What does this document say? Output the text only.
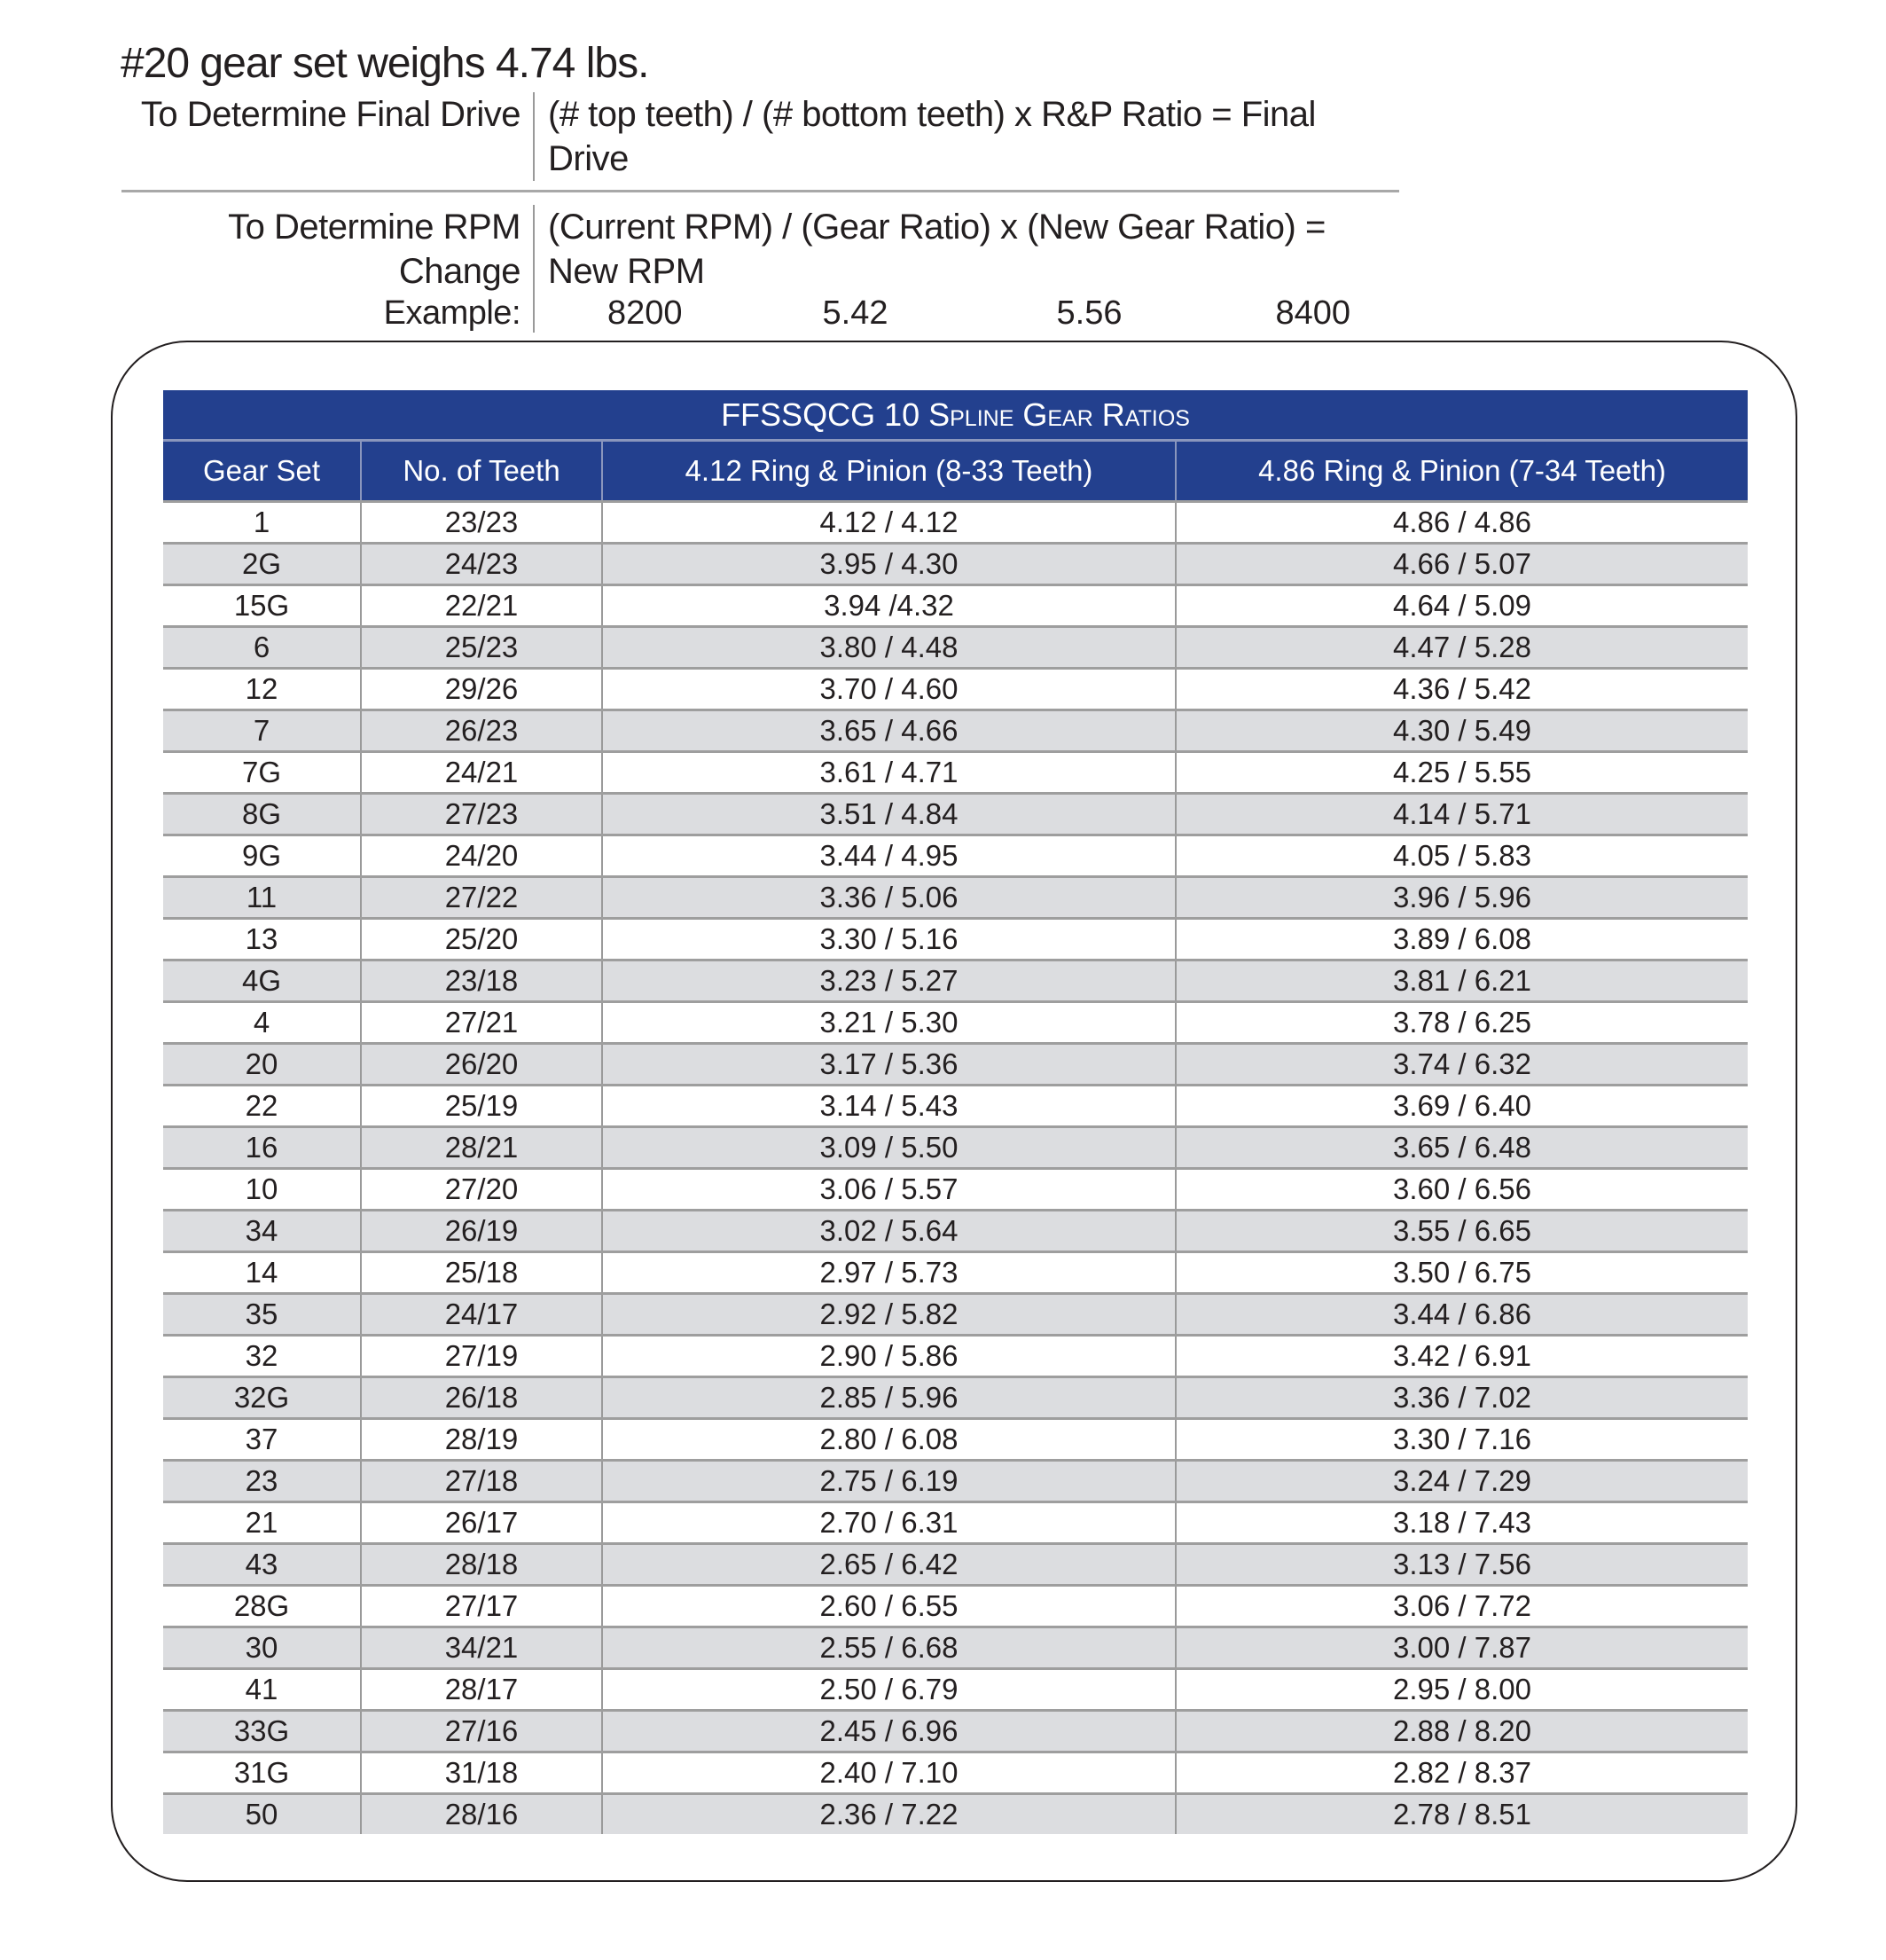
#20 gear set weighs 4.74 lbs.
To Determine Final Drive (# top teeth) / (# bottom teeth) x R&P Ratio = Final Drive
To Determine RPM Change
(Current RPM) / (Gear Ratio) x (New Gear Ratio) = New RPM
Example:	8200	5.42	5.56	8400
FFSSQCG 10 Spline Gear Ratios			
Gear Set	No. of Teeth	4.12 Ring & Pinion (8-33 Teeth)	4.86 Ring & Pinion (7-34 Teeth)
1	23/23	4.12 / 4.12	4.86 / 4.86
2G	24/23	3.95 / 4.30	4.66 / 5.07
15G	22/21	3.94 /4.32	4.64 / 5.09
6	25/23	3.80 / 4.48	4.47 / 5.28
12	29/26	3.70 / 4.60	4.36 / 5.42
7	26/23	3.65 / 4.66	4.30 / 5.49
7G	24/21	3.61 / 4.71	4.25 / 5.55
8G	27/23	3.51 / 4.84	4.14 / 5.71
9G	24/20	3.44 / 4.95	4.05 / 5.83
11	27/22	3.36 / 5.06	3.96 / 5.96
13	25/20	3.30 / 5.16	3.89 / 6.08
4G	23/18	3.23 / 5.27	3.81 / 6.21
4	27/21	3.21 / 5.30	3.78 / 6.25
20	26/20	3.17 / 5.36	3.74 / 6.32
22	25/19	3.14 / 5.43	3.69 / 6.40
16	28/21	3.09 / 5.50	3.65 / 6.48
10	27/20	3.06 / 5.57	3.60 / 6.56
34	26/19	3.02 / 5.64	3.55 / 6.65
14	25/18	2.97 / 5.73	3.50 / 6.75
35	24/17	2.92 / 5.82	3.44 / 6.86
32	27/19	2.90 / 5.86	3.42 / 6.91
32G	26/18	2.85 / 5.96	3.36 / 7.02
37	28/19	2.80 / 6.08	3.30 / 7.16
23	27/18	2.75 / 6.19	3.24 / 7.29
21	26/17	2.70 / 6.31	3.18 / 7.43
43	28/18	2.65 / 6.42	3.13 / 7.56
28G	27/17	2.60 / 6.55	3.06 / 7.72
30	34/21	2.55 / 6.68	3.00 / 7.87
41	28/17	2.50 / 6.79	2.95 / 8.00
33G	27/16	2.45 / 6.96	2.88 / 8.20
31G	31/18	2.40 / 7.10	2.82 / 8.37
50	28/16	2.36 / 7.22	2.78 / 8.51
